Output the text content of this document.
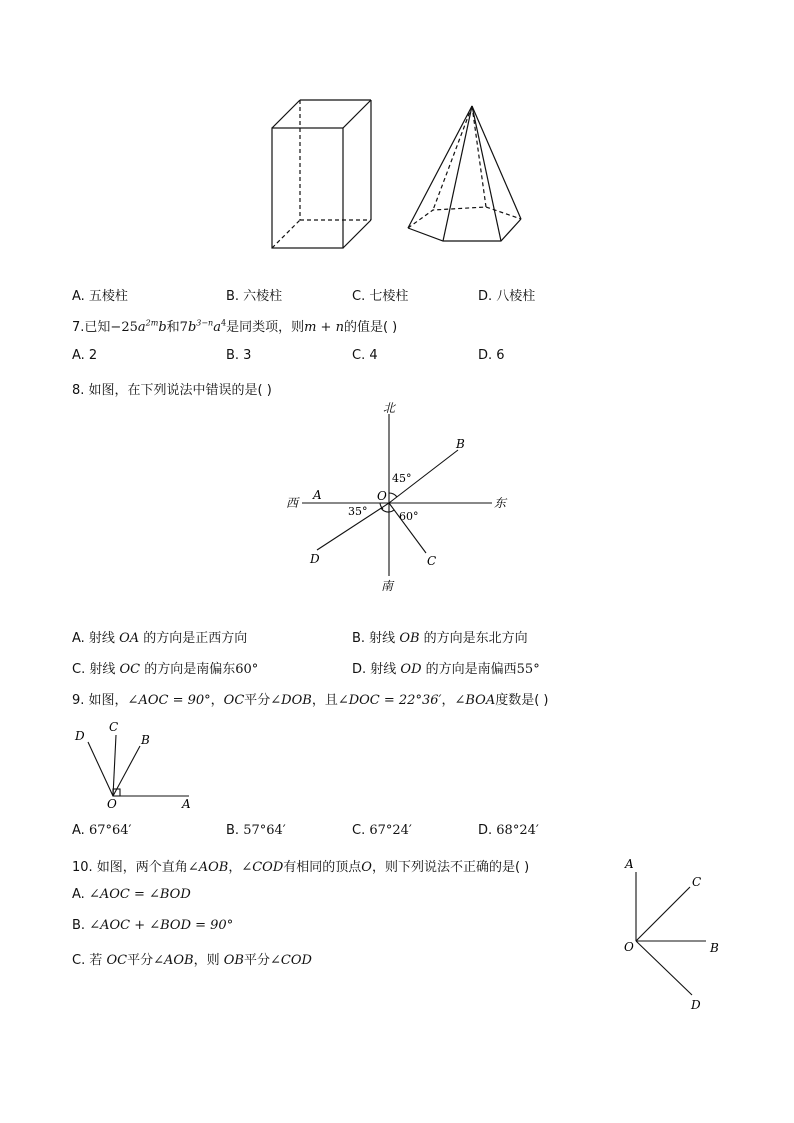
A. 五棱柱	B. 六棱柱	C. 七棱柱	D. 八棱柱
7.已知$-25a^{2m}b$和$7b^{3-n}a^4$是同类项，则m + n的值是( )
A. 2	B. 3	C. 4	D. 6
8. 如图，在下列说法中错误的是( )
北
南
西	东
A
B
C
D
O
45°
35°	60°
A. 射线 OA 的方向是正西方向	B. 射线 OB 的方向是东北方向
C. 射线 OC 的方向是南偏东60°	D. 射线 OD 的方向是南偏西55°
9. 如图，∠AOC = 90°，OC平分∠DOB，且∠DOC = 22°36′，∠BOA度数是( )
D
C
B
O	A
A. 67°64′	B. 57°64′	C. 67°24′	D. 68°24′
10. 如图，两个直角∠AOB，∠COD有相同的顶点O，则下列说法不正确的是( )
A. ∠AOC = ∠BOD
B. ∠AOC + ∠BOD = 90°
C. 若 OC平分∠AOB，则 OB平分∠COD
A
C
O	B
D
